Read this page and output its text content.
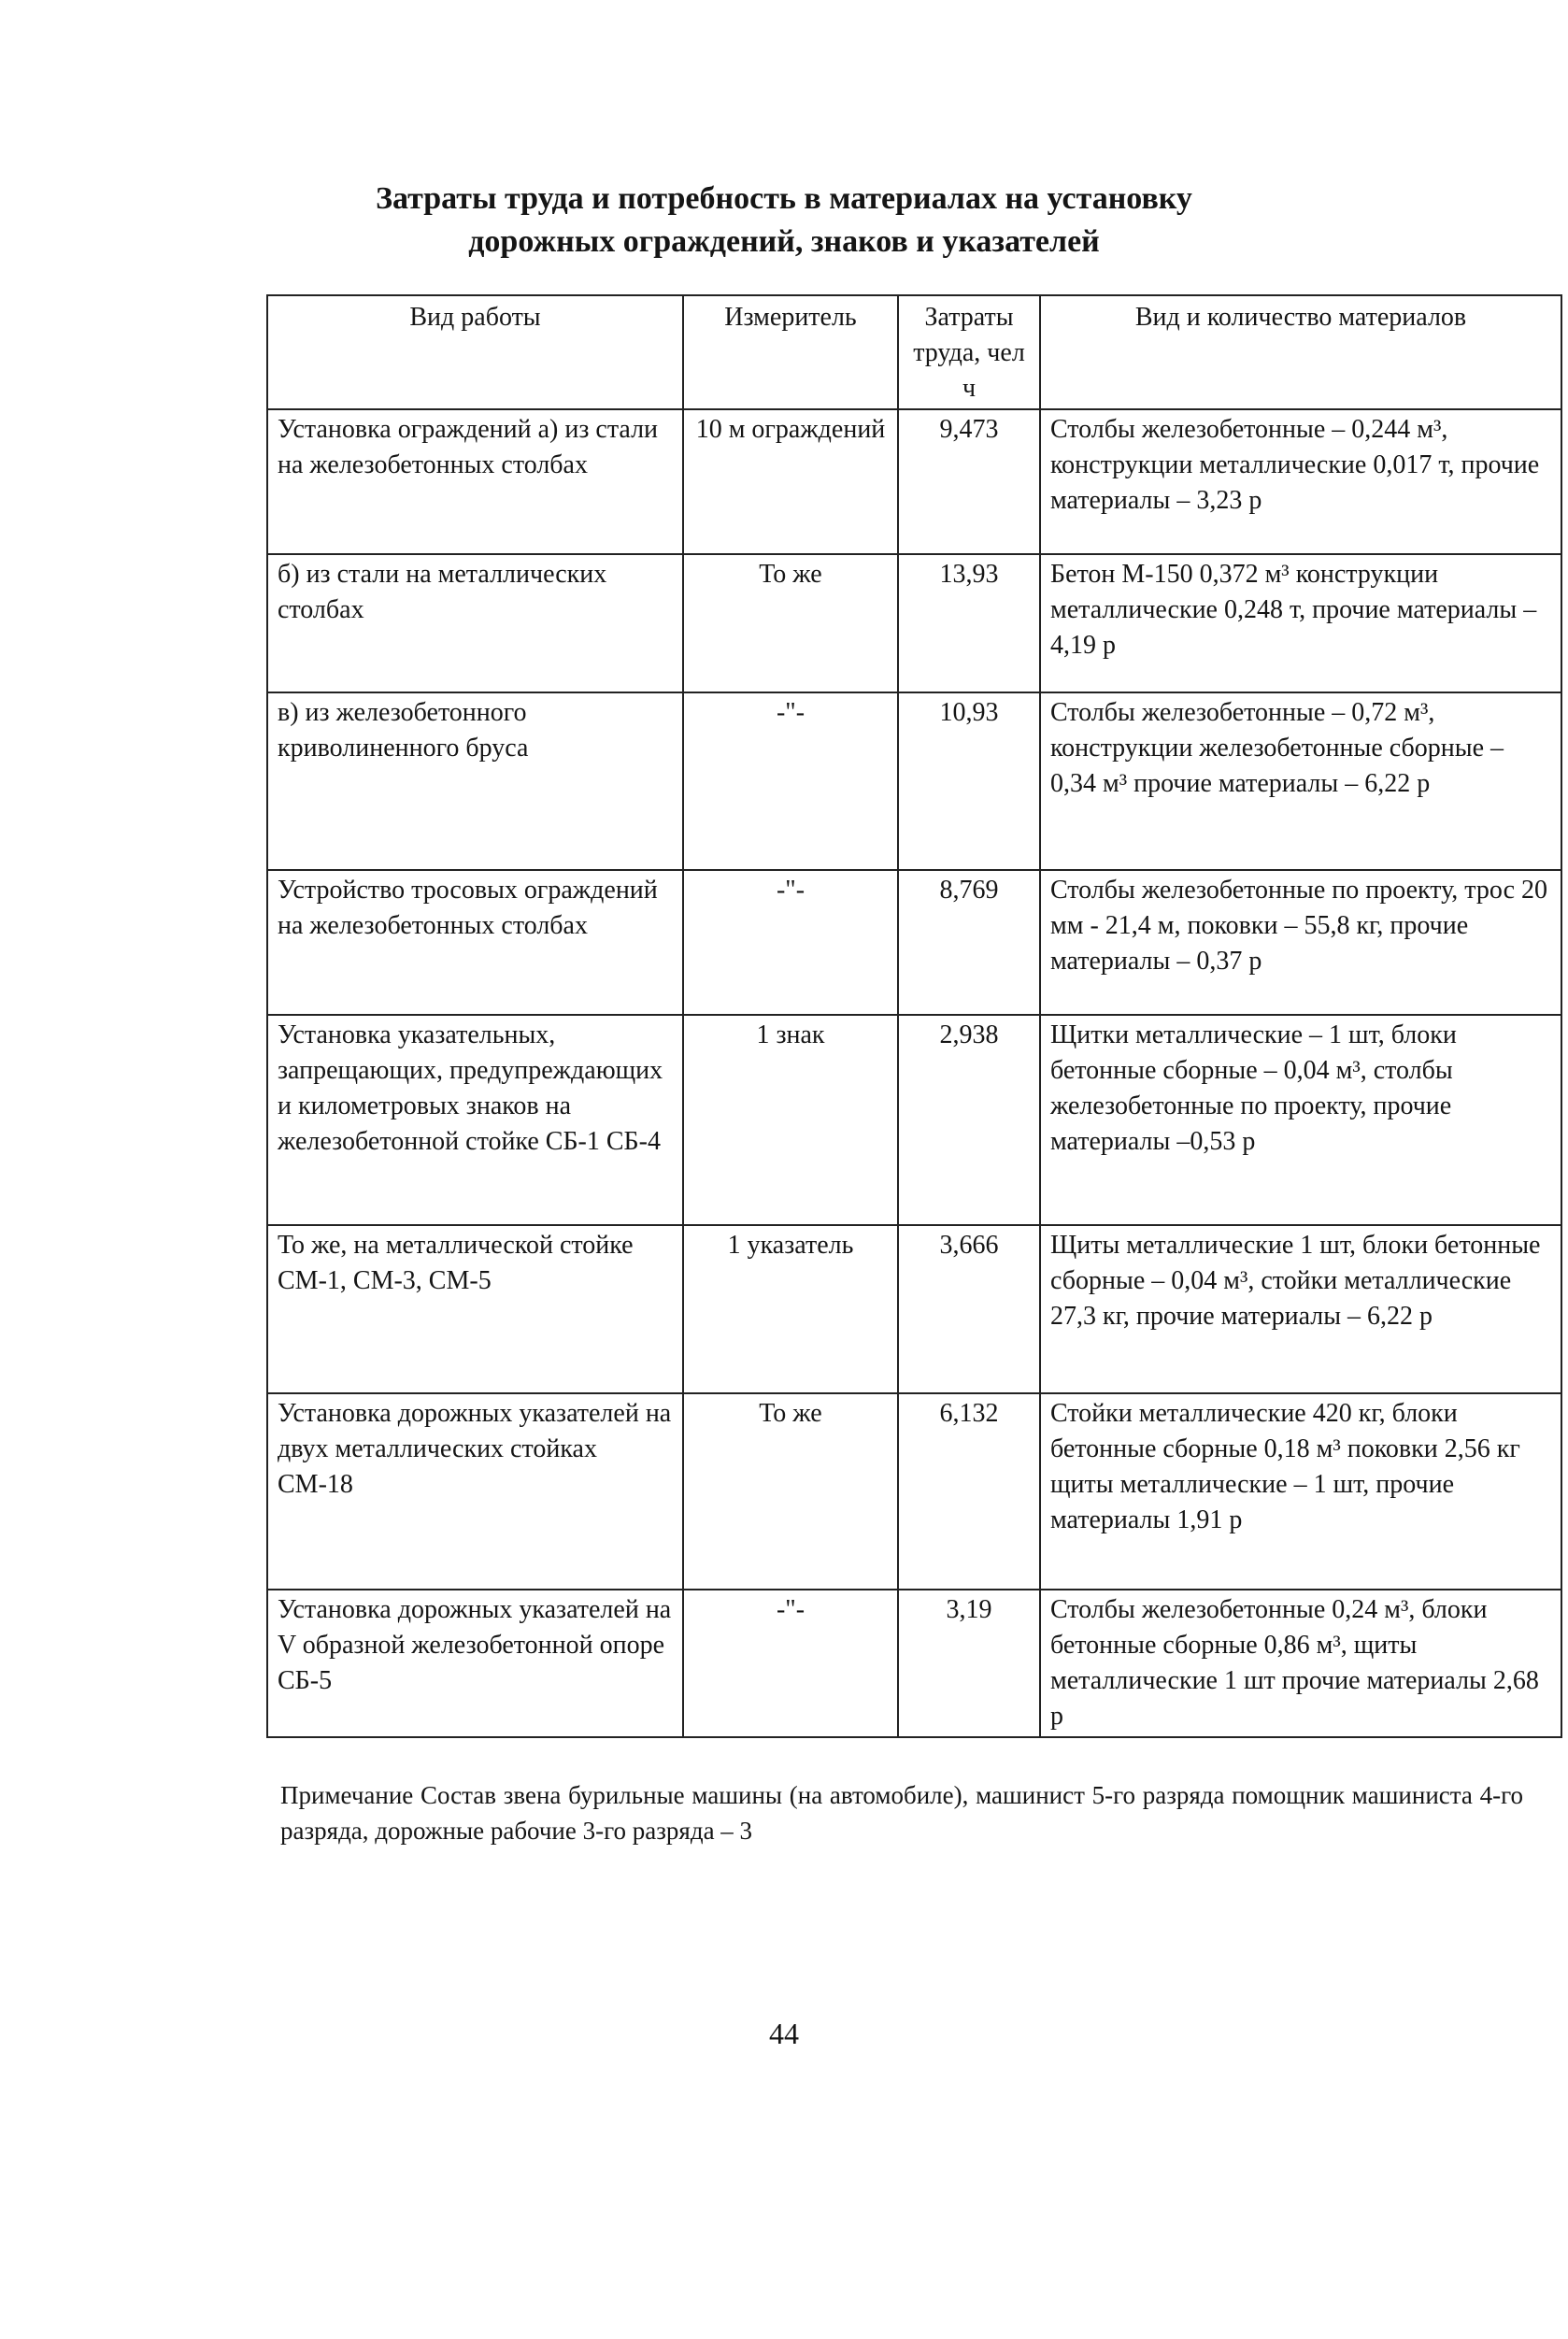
Затраты труда и потребность в материалах на установку
дорожных ограждений, знаков и указателей
Вид работы	Измеритель	Затраты труда, чел ч	Вид и количество материалов
Установка ограждений а) из стали на железобетонных столбах	10 м ограждений	9,473	Столбы железобетонные – 0,244 м³, конструкции металлические 0,017 т, прочие материалы – 3,23 р
б) из стали на металлических столбах	То же	13,93	Бетон М-150 0,372 м³ конструкции металлические 0,248 т, прочие материалы – 4,19 р
в) из железобетонного криволиненного бруса	-"-	10,93	Столбы железобетонные – 0,72 м³, конструкции железобетонные сборные – 0,34 м³ прочие материалы – 6,22 р
Устройство тросовых ограждений на железобетонных столбах	-"-	8,769	Столбы железобетонные по проекту, трос 20 мм - 21,4 м, поковки – 55,8 кг, прочие материалы – 0,37 р
Установка указательных, запрещающих, предупреждающих и километровых знаков на железобетонной стойке СБ-1 СБ-4	1 знак	2,938	Щитки металлические – 1 шт, блоки бетонные сборные – 0,04 м³, столбы железобетонные по проекту, прочие материалы –0,53 р
То же, на металлической стойке СМ-1, СМ-3, СМ-5	1 указатель	3,666	Щиты металлические 1 шт, блоки бетонные сборные – 0,04 м³, стойки металлические 27,3 кг, прочие материалы – 6,22 р
Установка дорожных указателей на двух металлических стойках СМ-18	То же	6,132	Стойки металлические 420 кг, блоки бетонные сборные 0,18 м³ поковки 2,56 кг щиты металлические – 1 шт, прочие материалы 1,91 р
Установка дорожных указателей на V образной железобетонной опоре СБ-5	-"-	3,19	Столбы железобетонные 0,24 м³, блоки бетонные сборные 0,86 м³, щиты металлические 1 шт прочие материалы 2,68 р
Примечание Состав звена бурильные машины (на автомобиле), машинист 5-го разряда помощник машиниста 4-го разряда, дорожные рабочие 3-го разряда – 3
44
